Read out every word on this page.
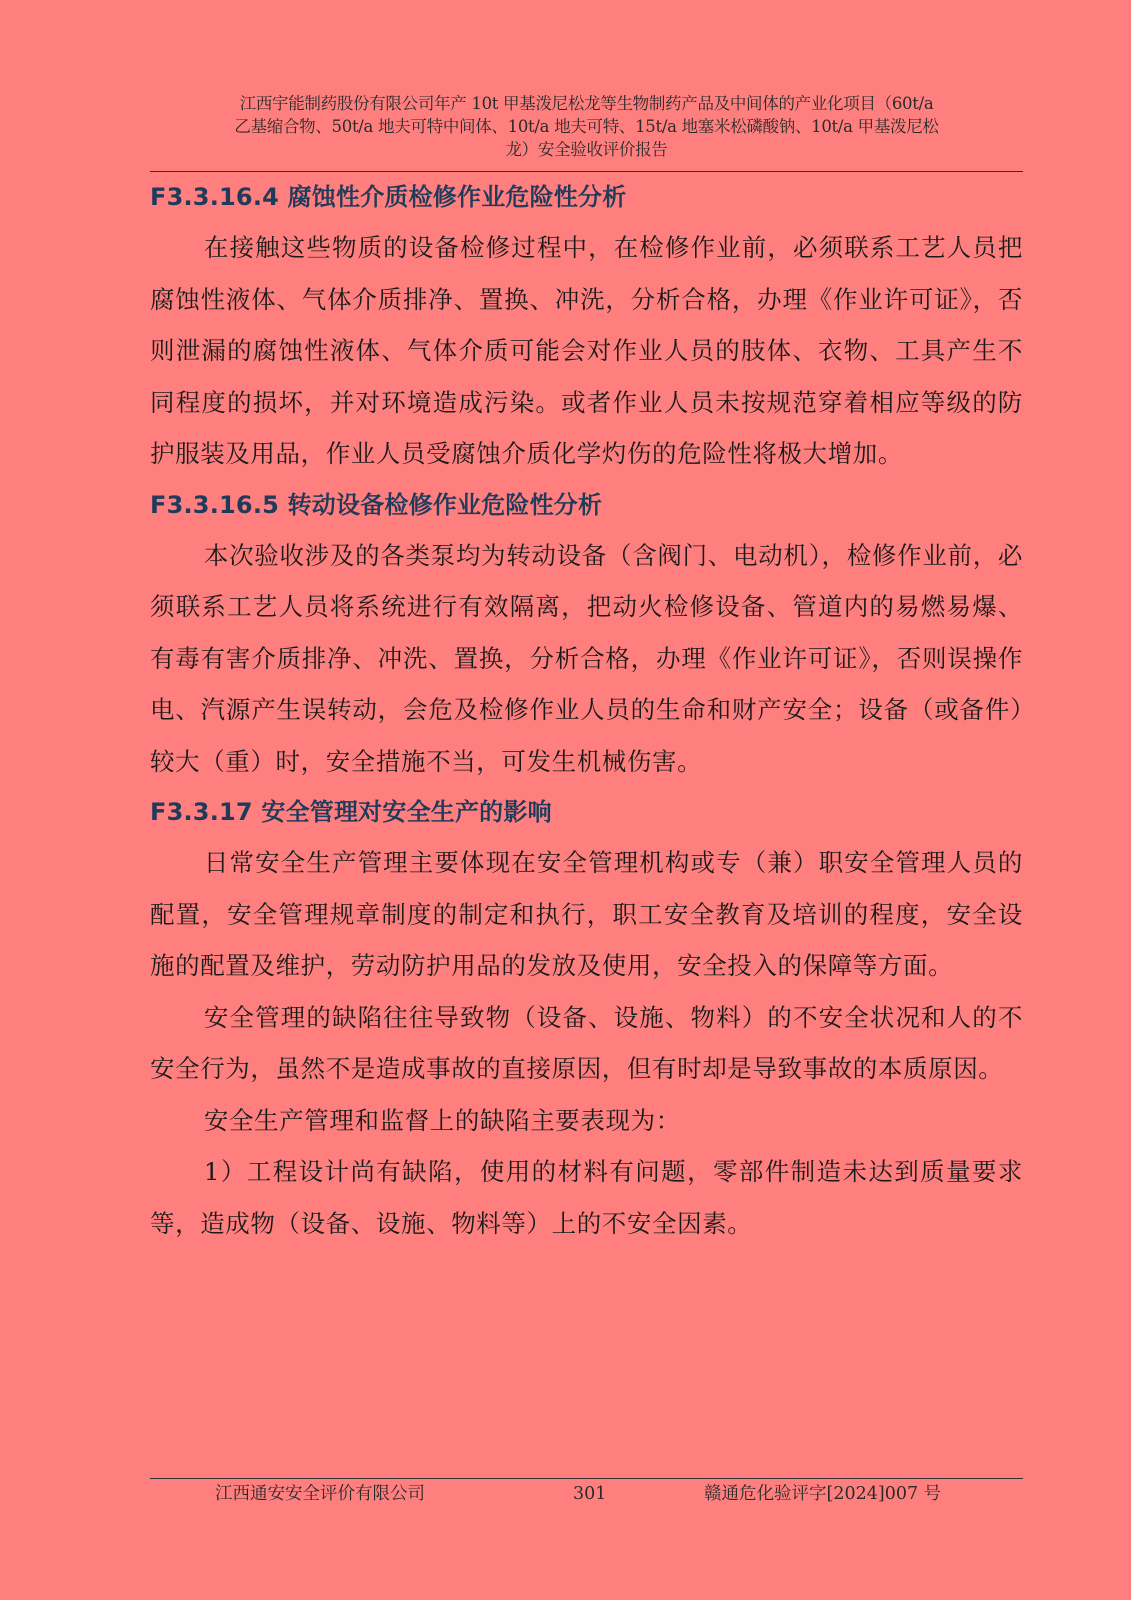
江西宇能制药股份有限公司年产 10t 甲基泼尼松龙等生物制药产品及中间体的产业化项目（60t/a
乙基缩合物、50t/a 地夫可特中间体、10t/a 地夫可特、15t/a 地塞米松磷酸钠、10t/a 甲基泼尼松
龙）安全验收评价报告
F3.3.16.4 腐蚀性介质检修作业危险性分析

在接触这些物质的设备检修过程中，在检修作业前，必须联系工艺人员把腐蚀性液体、气体介质排净、置换、冲洗，分析合格，办理《作业许可证》，否则泄漏的腐蚀性液体、气体介质可能会对作业人员的肢体、衣物、工具产生不同程度的损坏，并对环境造成污染。或者作业人员未按规范穿着相应等级的防护服装及用品，作业人员受腐蚀介质化学灼伤的危险性将极大增加。

F3.3.16.5 转动设备检修作业危险性分析

本次验收涉及的各类泵均为转动设备（含阀门、电动机），检修作业前，必须联系工艺人员将系统进行有效隔离，把动火检修设备、管道内的易燃易爆、有毒有害介质排净、冲洗、置换，分析合格，办理《作业许可证》，否则误操作电、汽源产生误转动，会危及检修作业人员的生命和财产安全；设备（或备件）较大（重）时，安全措施不当，可发生机械伤害。

F3.3.17 安全管理对安全生产的影响

日常安全生产管理主要体现在安全管理机构或专（兼）职安全管理人员的配置，安全管理规章制度的制定和执行，职工安全教育及培训的程度，安全设施的配置及维护，劳动防护用品的发放及使用，安全投入的保障等方面。

安全管理的缺陷往往导致物（设备、设施、物料）的不安全状况和人的不安全行为，虽然不是造成事故的直接原因，但有时却是导致事故的本质原因。

安全生产管理和监督上的缺陷主要表现为：

1）工程设计尚有缺陷，使用的材料有问题，零部件制造未达到质量要求等，造成物（设备、设施、物料等）上的不安全因素。

江西通安安全评价有限公司	301	赣通危化验评字[2024]007 号
